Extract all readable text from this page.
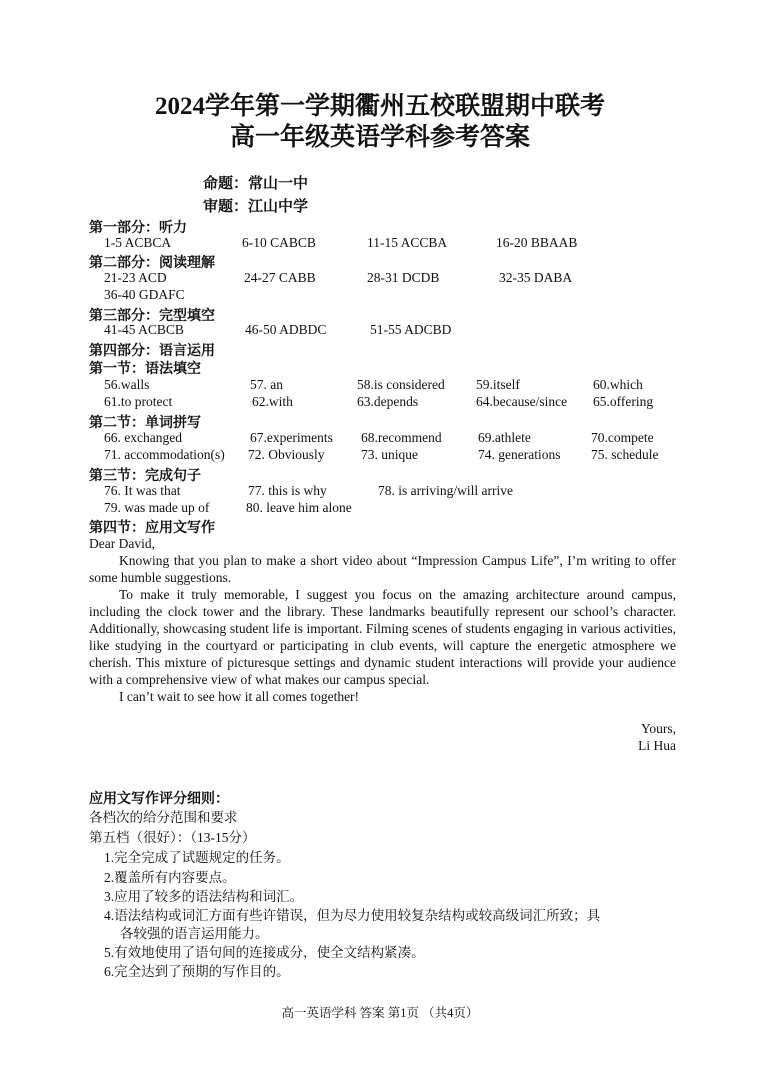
2024学年第一学期衢州五校联盟期中联考
高一年级英语学科参考答案
命题：常山一中
审题：江山中学
第一部分：听力
1-5 ACBCA	6-10 CABCB	11-15 ACCBA	16-20 BBAAB
第二部分：阅读理解
21-23 ACD	24-27 CABB	28-31 DCDB	32-35 DABA
36-40 GDAFC
第三部分：完型填空
41-45 ACBCB	46-50 ADBDC	51-55 ADCBD
第四部分：语言运用
第一节：语法填空
56.walls	57. an	58.is considered 59.itself	60.which
61.to protect	62.with	63.depends	64.because/since 65.offering
第二节：单词拼写
66. exchanged	67.experiments 68.recommend	69.athlete	70.compete
71. accommodation(s) 72. Obviously	73. unique	74. generations 75. schedule
第三节：完成句子
76. It was that	77. this is why	78. is arriving/will arrive
79. was made up of	80. leave him alone
第四节：应用文写作

Dear David,

Knowing that you plan to make a short video about “Impression Campus Life”, I’m writing to offer some humble suggestions.

To make it truly memorable, I suggest you focus on the amazing architecture around campus, including the clock tower and the library. These landmarks beautifully represent our school’s character. Additionally, showcasing student life is important. Filming scenes of students engaging in various activities, like studying in the courtyard or participating in club events, will capture the energetic atmosphere we cherish. This mixture of picturesque settings and dynamic student interactions will provide your audience with a comprehensive view of what makes our campus special.

I can’t wait to see how it all comes together!

Yours,
Li Hua
应用文写作评分细则：
各档次的给分范围和要求
第五档（很好）：（13-15分）
1.完全完成了试题规定的任务。
2.覆盖所有内容要点。
3.应用了较多的语法结构和词汇。
4.语法结构或词汇方面有些许错误，但为尽力使用较复杂结构或较高级词汇所致；具
各较强的语言运用能力。
5.有效地使用了语句间的连接成分，使全文结构紧凑。
6.完全达到了预期的写作目的。
高一英语学科 答案 第1页 （共4页）
